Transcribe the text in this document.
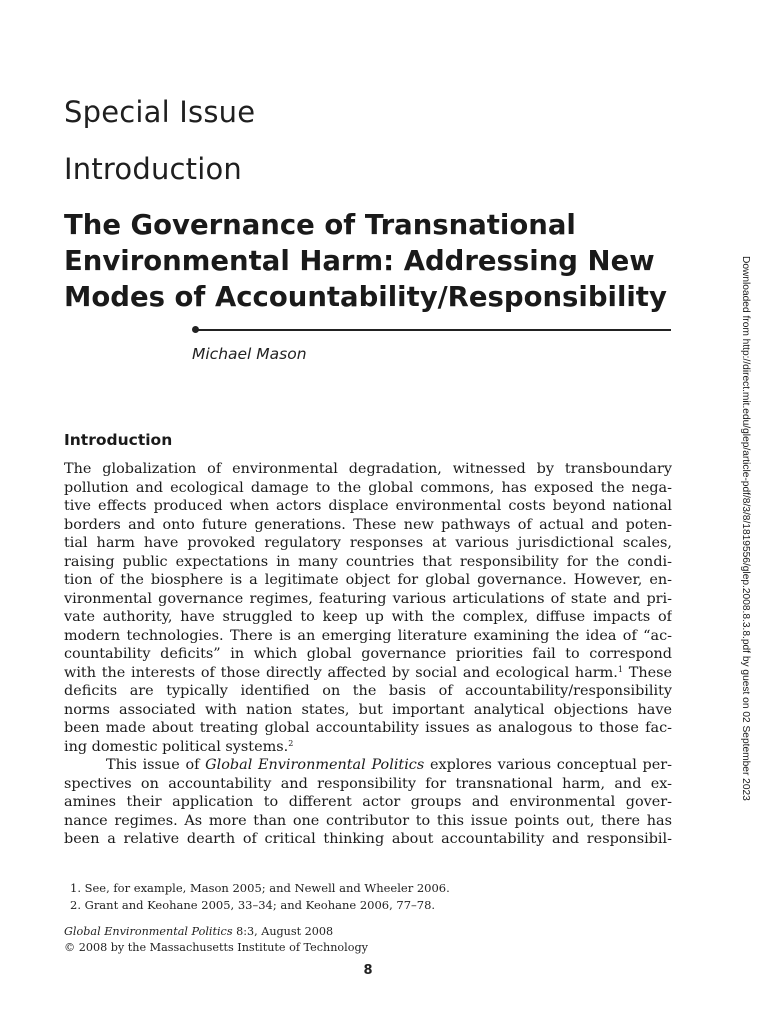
Special Issue
Introduction
The Governance of Transnational
Environmental Harm: Addressing New
Modes of Accountability/Responsibility
Michael Mason
Introduction

The globalization of environmental degradation, witnessed by transboundary
pollution and ecological damage to the global commons, has exposed the nega-
tive effects produced when actors displace environmental costs beyond national
borders and onto future generations. These new pathways of actual and poten-
tial harm have provoked regulatory responses at various jurisdictional scales,
raising public expectations in many countries that responsibility for the condi-
tion of the biosphere is a legitimate object for global governance. However, en-
vironmental governance regimes, featuring various articulations of state and pri-
vate authority, have struggled to keep up with the complex, diffuse impacts of
modern technologies. There is an emerging literature examining the idea of “ac-
countability deficits” in which global governance priorities fail to correspond
with the interests of those directly affected by social and ecological harm.$^1$ These
deficits are typically identified on the basis of accountability/responsibility
norms associated with nation states, but important analytical objections have
been made about treating global accountability issues as analogous to those fac-
ing domestic political systems.$^2$

This issue of Global Environmental Politics explores various conceptual per-
spectives on accountability and responsibility for transnational harm, and ex-
amines their application to different actor groups and environmental gover-
nance regimes. As more than one contributor to this issue points out, there has
been a relative dearth of critical thinking about accountability and responsibil-

1. See, for example, Mason 2005; and Newell and Wheeler 2006.
2. Grant and Keohane 2005, 33–34; and Keohane 2006, 77–78.
Global Environmental Politics 8:3, August 2008
© 2008 by the Massachusetts Institute of Technology
8
Downloaded from http://direct.mit.edu/glep/article-pdf/8/3/8/1819556/glep.2008.8.3.8.pdf by guest on 02 September 2023
